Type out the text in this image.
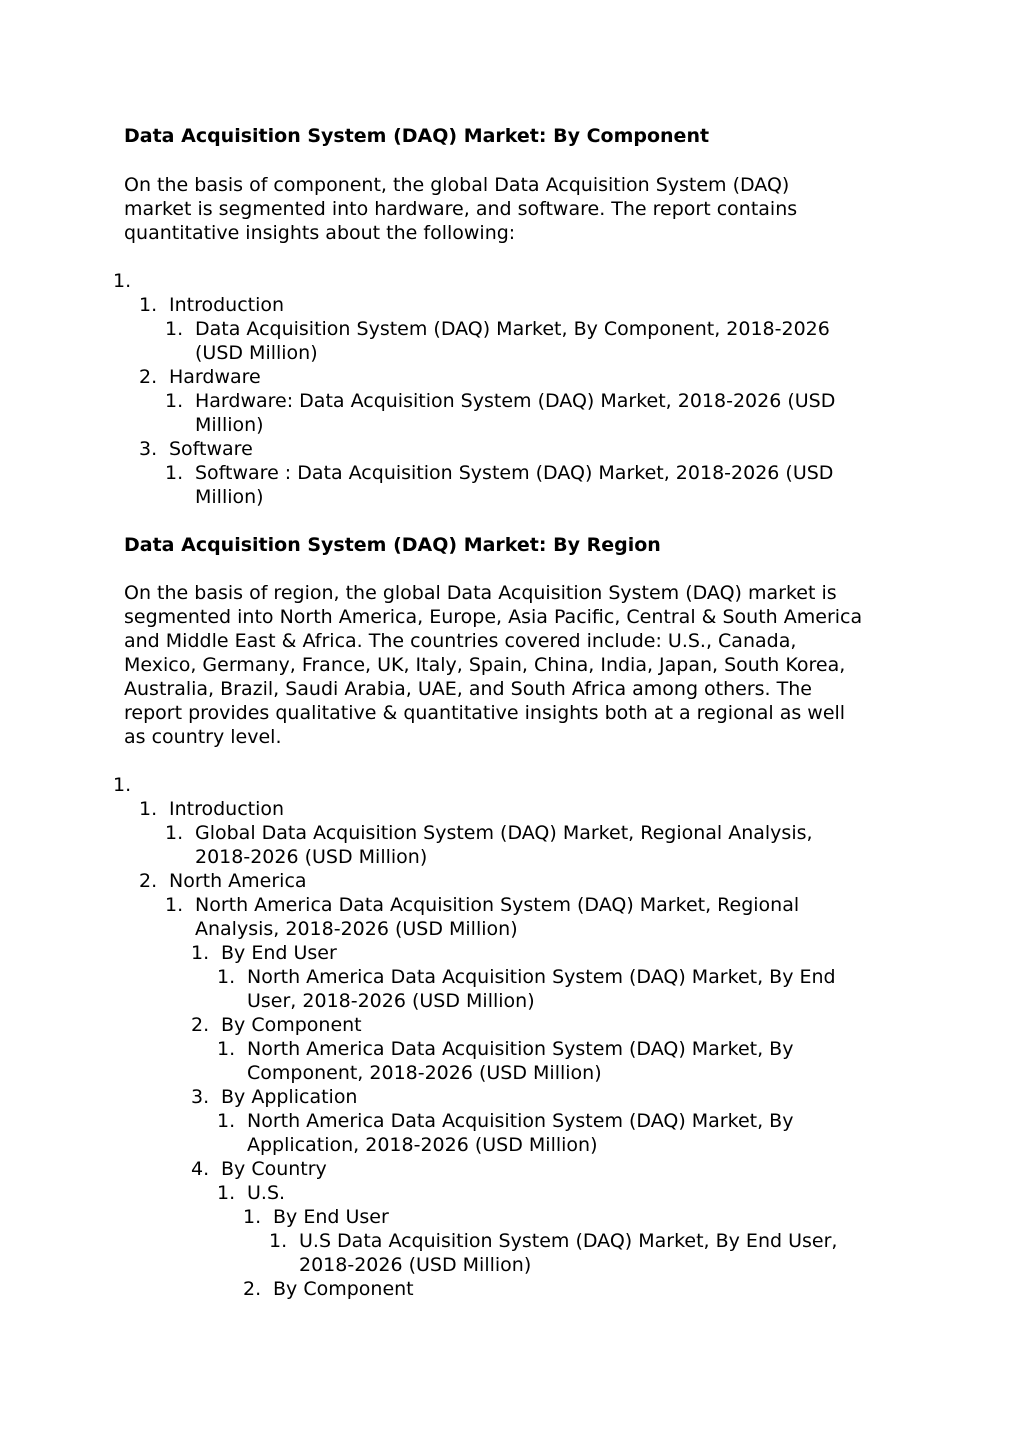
Data Acquisition System (DAQ) Market: By Component

On the basis of component, the global Data Acquisition System (DAQ)
market is segmented into hardware, and software. The report contains
quantitative insights about the following:

1.
1. Introduction
1. Data Acquisition System (DAQ) Market, By Component, 2018-2026
(USD Million)
2. Hardware
1. Hardware: Data Acquisition System (DAQ) Market, 2018-2026 (USD
Million)
3. Software
1. Software : Data Acquisition System (DAQ) Market, 2018-2026 (USD
Million)
Data Acquisition System (DAQ) Market: By Region

On the basis of region, the global Data Acquisition System (DAQ) market is
segmented into North America, Europe, Asia Pacific, Central & South America
and Middle East & Africa. The countries covered include: U.S., Canada,
Mexico, Germany, France, UK, Italy, Spain, China, India, Japan, South Korea,
Australia, Brazil, Saudi Arabia, UAE, and South Africa among others. The
report provides qualitative & quantitative insights both at a regional as well
as country level.

1.
1. Introduction
1. Global Data Acquisition System (DAQ) Market, Regional Analysis,
2018-2026 (USD Million)
2. North America
1. North America Data Acquisition System (DAQ) Market, Regional
Analysis, 2018-2026 (USD Million)
1. By End User
1. North America Data Acquisition System (DAQ) Market, By End
User, 2018-2026 (USD Million)
2. By Component
1. North America Data Acquisition System (DAQ) Market, By
Component, 2018-2026 (USD Million)
3. By Application
1. North America Data Acquisition System (DAQ) Market, By
Application, 2018-2026 (USD Million)
4. By Country
1. U.S.
1. By End User
1. U.S Data Acquisition System (DAQ) Market, By End User,
2018-2026 (USD Million)
2. By Component
